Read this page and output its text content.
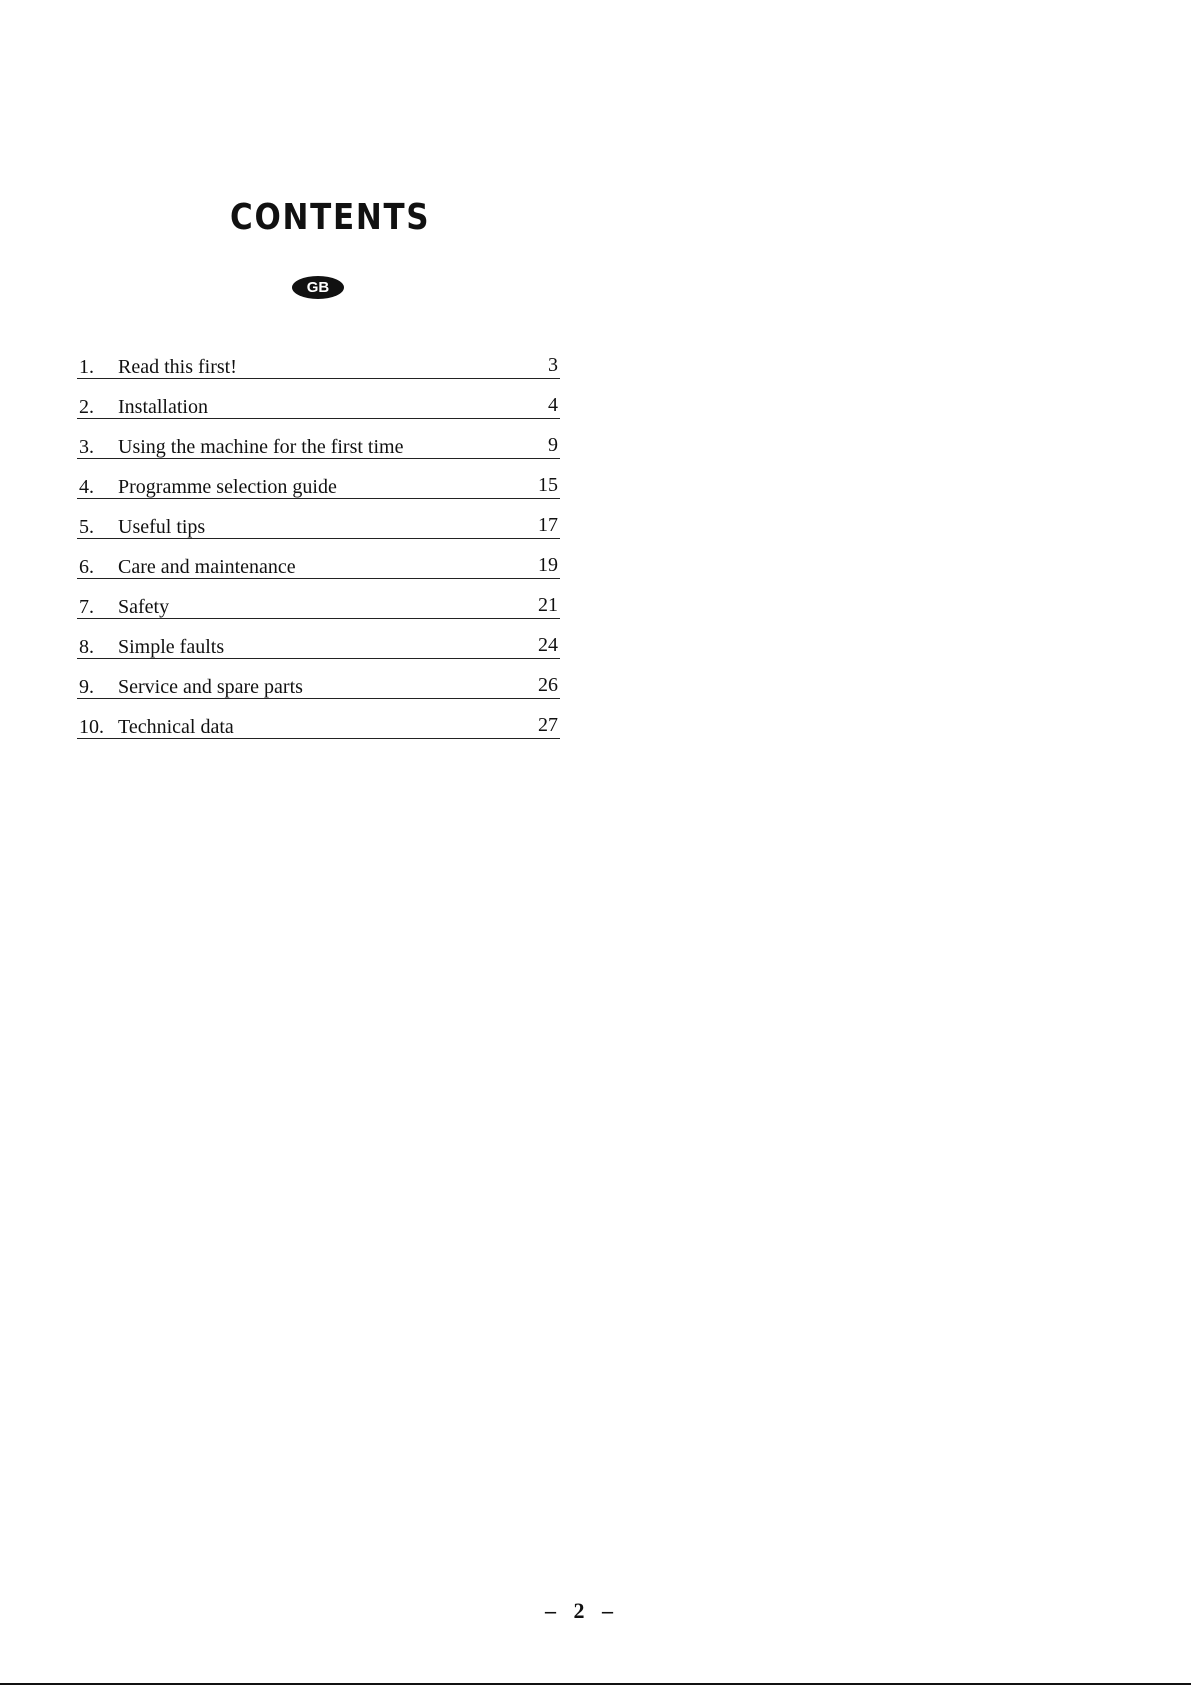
CONTENTS
GB
1. Read this first!	3
2. Installation	4
3. Using the machine for the first time	9
4. Programme selection guide	15
5. Useful tips	17
6. Care and maintenance	19
7. Safety	21
8. Simple faults	24
9. Service and spare parts	26
10. Technical data	27
– 2 –
